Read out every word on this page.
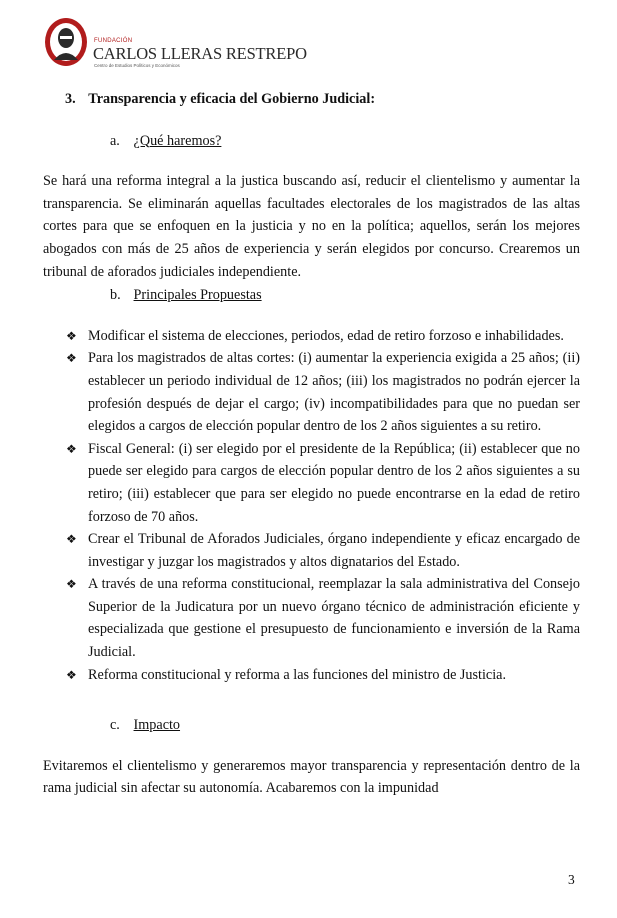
FUNDACIÓN
CARLOS LLERAS RESTREPO
Centro de Estudios Políticos y Económicos
3. Transparencia y eficacia del Gobierno Judicial:
a. ¿Qué haremos?
Se hará una reforma integral a la justica buscando así, reducir el clientelismo y aumentar la transparencia. Se eliminarán aquellas facultades electorales de los magistrados de las altas cortes para que se enfoquen en la justicia y no en la política; aquellos, serán los mejores abogados con más de 25 años de experiencia y serán elegidos por concurso. Crearemos un tribunal de aforados judiciales independiente.
b. Principales Propuestas
❖ Modificar el sistema de elecciones, periodos, edad de retiro forzoso e inhabilidades.
❖ Para los magistrados de altas cortes: (i) aumentar la experiencia exigida a 25 años; (ii) establecer un periodo individual de 12 años; (iii) los magistrados no podrán ejercer la profesión después de dejar el cargo; (iv) incompatibilidades para que no puedan ser elegidos a cargos de elección popular dentro de los 2 años siguientes a su retiro.
❖ Fiscal General: (i) ser elegido por el presidente de la República; (ii) establecer que no puede ser elegido para cargos de elección popular dentro de los 2 años siguientes a su retiro; (iii) establecer que para ser elegido no puede encontrarse en la edad de retiro forzoso de 70 años.
❖ Crear el Tribunal de Aforados Judiciales, órgano independiente y eficaz encargado de investigar y juzgar los magistrados y altos dignatarios del Estado.
❖ A través de una reforma constitucional, reemplazar la sala administrativa del Consejo Superior de la Judicatura por un nuevo órgano técnico de administración eficiente y especializada que gestione el presupuesto de funcionamiento e inversión de la Rama Judicial.
❖ Reforma constitucional y reforma a las funciones del ministro de Justicia.
c. Impacto
Evitaremos el clientelismo y generaremos mayor transparencia y representación dentro de la rama judicial sin afectar su autonomía. Acabaremos con la impunidad
3
